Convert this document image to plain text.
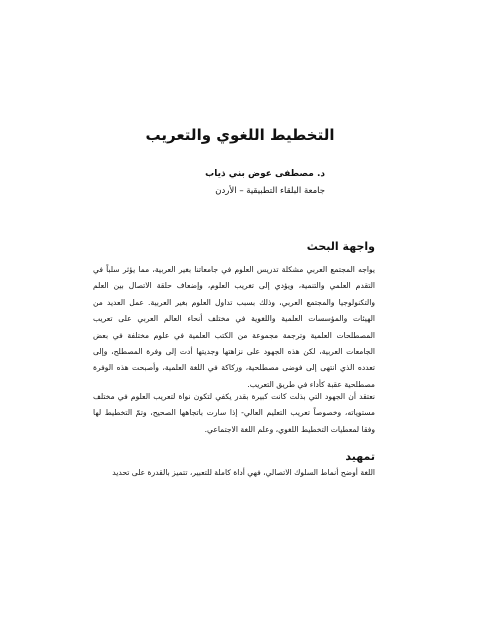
التخطيط اللغوي والتعريب
د. مصطفى عوض بني ذياب
جامعة البلقاء التطبيقية – الأردن
واجهة البحث

يواجه المجتمع العربي مشكلة تدريس العلوم في جامعاتنا بغير العربية، مما يؤثر سلباً في التقدم العلمي والتنمية، ويؤدي إلى تغريب العلوم، وإضعاف حلقة الاتصال بين العلم والتكنولوجيا والمجتمع العربي، وذلك بسبب تداول العلوم بغير العربية. عمل العديد من الهيئات والمؤسسات العلمية واللغوية في مختلف أنحاء العالم العربي على تعريب المصطلحات العلمية وترجمة مجموعة من الكتب العلمية في علوم مختلفة في بعض الجامعات العربية، لكن هذه الجهود على نزاهتها وجديتها أدت إلى وفرة المصطلح، وإلى تعدده الذي انتهى إلى فوضى مصطلحية، وركاكة في اللغة العلمية، وأصبحت هذه الوفرة مصطلحية عقبة كأداء في طريق التعريب.

نعتقد أن الجهود التي بذلت كانت كبيرة بقدر يكفي لتكون نواة لتعريب العلوم في مختلف مستوياته، وخصوصاً تعريب التعليم العالي- إذا سارت باتجاهها الصحيح، وتمّ التخطيط لها وفقا لمعطيات التخطيط اللغوي، وعلم اللغة الاجتماعي.

تمهيد

اللغة أوضح أنماط السلوك الاتصالي، فهي أداة كاملة للتعبير، تتميز بالقدرة على تحديد
